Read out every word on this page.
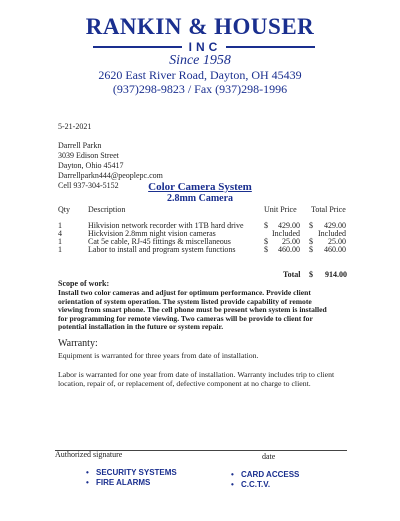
RANKIN & HOUSER
INC
Since 1958
2620 East River Road, Dayton, OH 45439
(937)298-9823 / Fax (937)298-1996
5-21-2021
Darrell Parkn
3039 Edison Street
Dayton, Ohio 45417
Darrellparkn444@peoplepc.com
Cell 937-304-5152	Color Camera System
2.8mm Camera
Qty Description	Unit Price Total Price
1	Hikvision network recorder with 1TB hard drive	$	429.00 $	429.00
4	Hickvision 2.8mm night vision cameras	Included	Included
1	Cat 5e cable, RJ-45 fittings & miscellaneous	$	25.00 $	25.00
1	Labor to install and program system functions	$	460.00 $	460.00
Total $	914.00
Scope of work:
Install two color cameras and adjust for optimum performance. Provide client
orientation of system operation. The system listed provide capability of remote
viewing from smart phone. The cell phone must be present when system is installed
for programming for remote viewing. Two cameras will be provide to client for
potential installation in the future or system repair.
Warranty:
Equipment is warranted for three years from date of installation.
Labor is warranted for one year from date of installation. Warranty includes trip to client
location, repair of, or replacement of, defective component at no charge to client.
Authorized signature	date
• SECURITY SYSTEMS
• FIRE ALARMS
• CARD ACCESS
• C.C.T.V.
